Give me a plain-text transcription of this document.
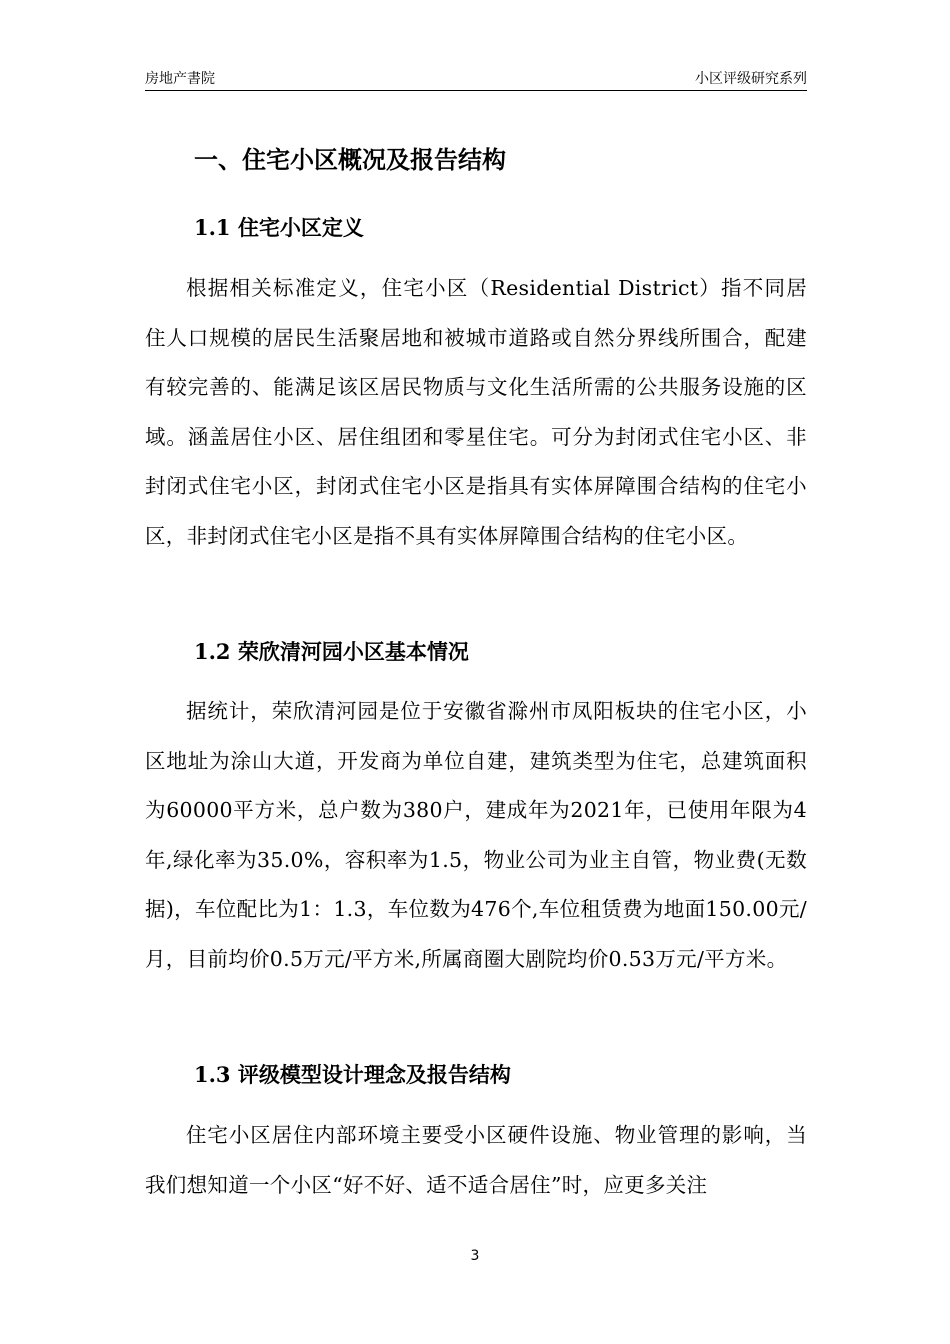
房地产書院	小区评级研究系列
一、住宅小区概况及报告结构
1.1 住宅小区定义

根据相关标准定义，住宅小区（Residential District）指不同居住人口规模的居民生活聚居地和被城市道路或自然分界线所围合，配建有较完善的、能满足该区居民物质与文化生活所需的公共服务设施的区域。涵盖居住小区、居住组团和零星住宅。可分为封闭式住宅小区、非封闭式住宅小区，封闭式住宅小区是指具有实体屏障围合结构的住宅小区，非封闭式住宅小区是指不具有实体屏障围合结构的住宅小区。

1.2 荣欣清河园小区基本情况

据统计，荣欣清河园是位于安徽省滁州市凤阳板块的住宅小区，小区地址为涂山大道，开发商为单位自建，建筑类型为住宅，总建筑面积为60000平方米，总户数为380户，建成年为2021年，已使用年限为4年,绿化率为35.0%，容积率为1.5，物业公司为业主自管，物业费(无数据)，车位配比为1：1.3，车位数为476个,车位租赁费为地面150.00元/月，目前均价0.5万元/平方米,所属商圈大剧院均价0.53万元/平方米。

1.3 评级模型设计理念及报告结构

住宅小区居住内部环境主要受小区硬件设施、物业管理的影响，当我们想知道一个小区“好不好、适不适合居住”时，应更多关注

3
